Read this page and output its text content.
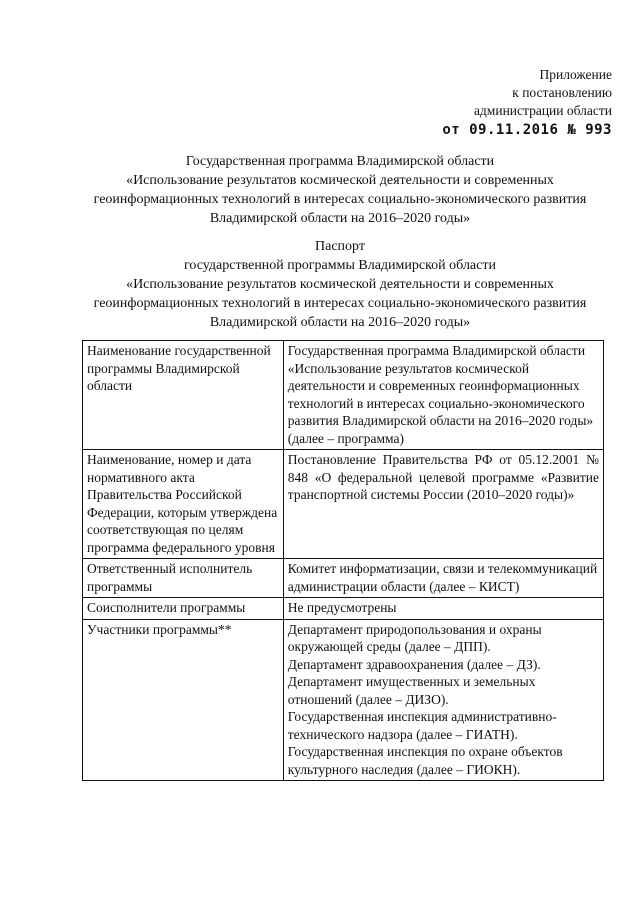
Приложение
к постановлению
администрации области
от 09.11.2016 № 993
Государственная программа Владимирской области
«Использование результатов космической деятельности и современных
геоинформационных технологий в интересах социально-экономического развития
Владимирской области на 2016–2020 годы»
Паспорт
государственной программы Владимирской области
«Использование результатов космической деятельности и современных
геоинформационных технологий в интересах социально-экономического развития
Владимирской области на 2016–2020 годы»
Наименование государственной программы Владимирской области	Государственная программа Владимирской области «Использование результатов космической деятельности и современных геоинформационных технологий в интересах социально-экономического развития Владимирской области на 2016–2020 годы» (далее – программа)
Наименование, номер и дата нормативного акта Правительства Российской Федерации, которым утверждена соответствующая по целям программа федерального уровня	Постановление Правительства РФ от 05.12.2001 № 848 «О федеральной целевой программе «Развитие транспортной системы России (2010–2020 годы)»
Ответственный исполнитель программы	Комитет информатизации, связи и телекоммуникаций администрации области (далее – КИСТ)
Соисполнители программы	Не предусмотрены
Участники программы**	Департамент природопользования и охраны окружающей среды (далее – ДПП).
Департамент здравоохранения (далее – ДЗ).
Департамент имущественных и земельных отношений (далее – ДИЗО).
Государственная инспекция административно-технического надзора (далее – ГИАТН).
Государственная инспекция по охране объектов культурного наследия (далее – ГИОКН).
